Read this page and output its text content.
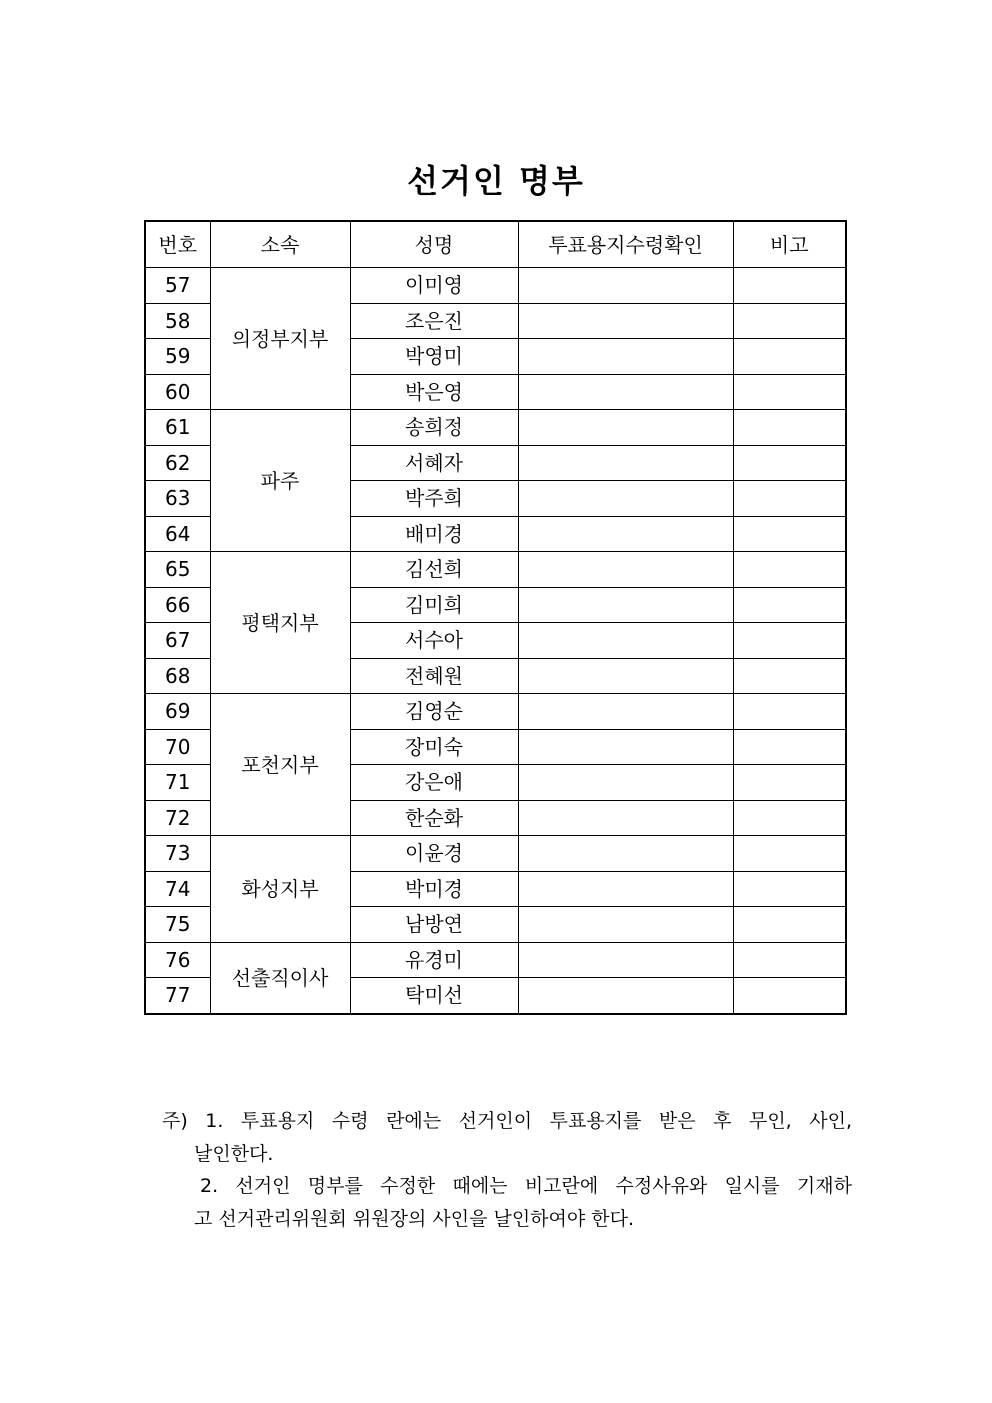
선거인 명부
번호	소속	성명	투표용지수령확인	비고
57	의정부지부	이미영		
58		조은진		
59		박영미		
60		박은영		
61	파주	송희정		
62		서혜자		
63		박주희		
64		배미경		
65	평택지부	김선희		
66		김미희		
67		서수아		
68		전혜원		
69	포천지부	김영순		
70		장미숙		
71		강은애		
72		한순화		
73	화성지부	이윤경		
74		박미경		
75		남방연		
76	선출직이사	유경미		
77		탁미선		
주) 1. 투표용지 수령 란에는 선거인이 투표용지를 받은 후 무인, 사인,
날인한다.
2. 선거인 명부를 수정한 때에는 비고란에 수정사유와 일시를 기재하
고 선거관리위원회 위원장의 사인을 날인하여야 한다.
